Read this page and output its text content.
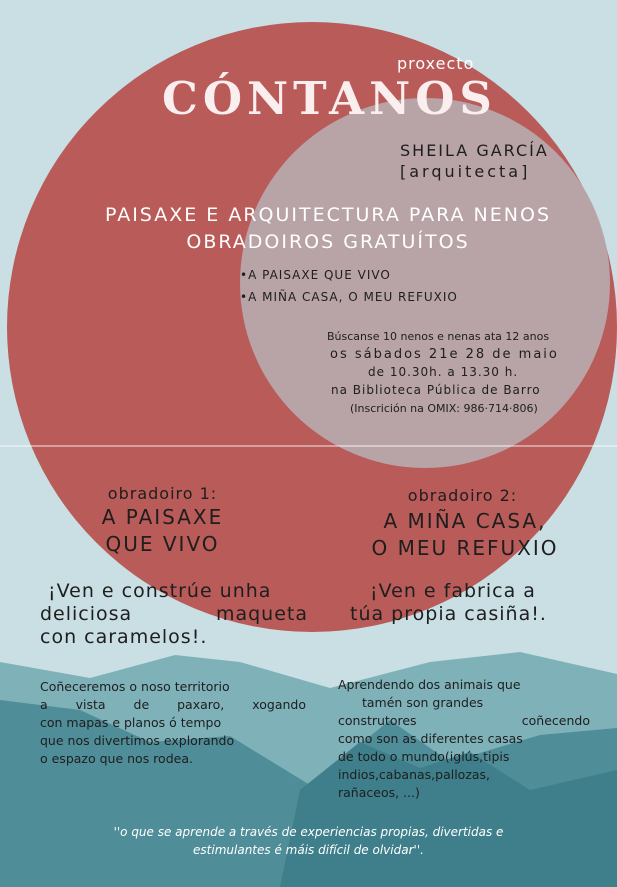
proxecto

CÓNTANOS

SHEILA GARCÍA

[arquitecta]

PAISAXE E ARQUITECTURA PARA NENOS

OBRADOIROS GRATUÍTOS

•A PAISAXE QUE VIVO

•A MIÑA CASA, O MEU REFUXIO

Búscanse 10 nenos e nenas ata 12 anos

os sábados 21e 28 de maio

de 10.30h. a 13.30 h.

na Biblioteca Pública de Barro

(Inscrición na OMIX: 986·714·806)

obradoiro 1:

A PAISAXE

QUE VIVO

¡Ven e constrúe unha

deliciosa maqueta

con caramelos!.

Coñeceremos o noso territorio

a vista de paxaro, xogando

con mapas e planos ó tempo

que nos divertimos explorando

o espazo que nos rodea.

obradoiro 2:

A MIÑA CASA,

O MEU REFUXIO

¡Ven e fabrica a

túa propia casiña!.

Aprendendo dos animais que

tamén son grandes

construtores coñecendo

como son as diferentes casas

de todo o mundo(iglús,tipis

indios,cabanas,pallozas,

rañaceos, ...)

''o que se aprende a través de experiencias propias, divertidas e

estimulantes é máis difícil de olvidar''.
